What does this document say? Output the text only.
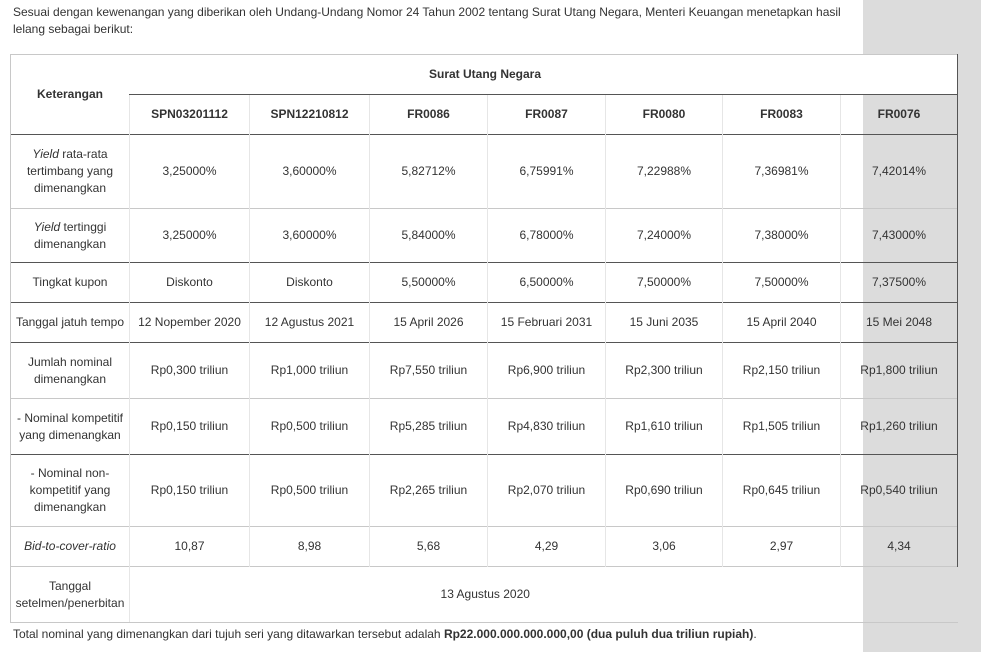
Sesuai dengan kewenangan yang diberikan oleh Undang-Undang Nomor 24 Tahun 2002 tentang Surat Utang Negara, Menteri Keuangan menetapkan hasil lelang sebagai berikut:

Keterangan	Surat Utang Negara						
	SPN03201112	SPN12210812	FR0086	FR0087	FR0080	FR0083	FR0076
Yield rata-rata tertimbang yang dimenangkan	3,25000%	3,60000%	5,82712%	6,75991%	7,22988%	7,36981%	7,42014%
Yield tertinggi dimenangkan	3,25000%	3,60000%	5,84000%	6,78000%	7,24000%	7,38000%	7,43000%
Tingkat kupon	Diskonto	Diskonto	5,50000%	6,50000%	7,50000%	7,50000%	7,37500%
Tanggal jatuh tempo	12 Nopember 2020	12 Agustus 2021	15 April 2026	15 Februari 2031	15 Juni 2035	15 April 2040	15 Mei 2048
Jumlah nominal dimenangkan	Rp0,300 triliun	Rp1,000 triliun	Rp7,550 triliun	Rp6,900 triliun	Rp2,300 triliun	Rp2,150 triliun	Rp1,800 triliun
- Nominal kompetitif yang dimenangkan	Rp0,150 triliun	Rp0,500 triliun	Rp5,285 triliun	Rp4,830 triliun	Rp1,610 triliun	Rp1,505 triliun	Rp1,260 triliun
- Nominal non-kompetitif yang dimenangkan	Rp0,150 triliun	Rp0,500 triliun	Rp2,265 triliun	Rp2,070 triliun	Rp0,690 triliun	Rp0,645 triliun	Rp0,540 triliun
Bid-to-cover-ratio	10,87	8,98	5,68	4,29	3,06	2,97	4,34
Tanggal setelmen/penerbitan	13 Agustus 2020						

Total nominal yang dimenangkan dari tujuh seri yang ditawarkan tersebut adalah Rp22.000.000.000.000,00 (dua puluh dua triliun rupiah).
